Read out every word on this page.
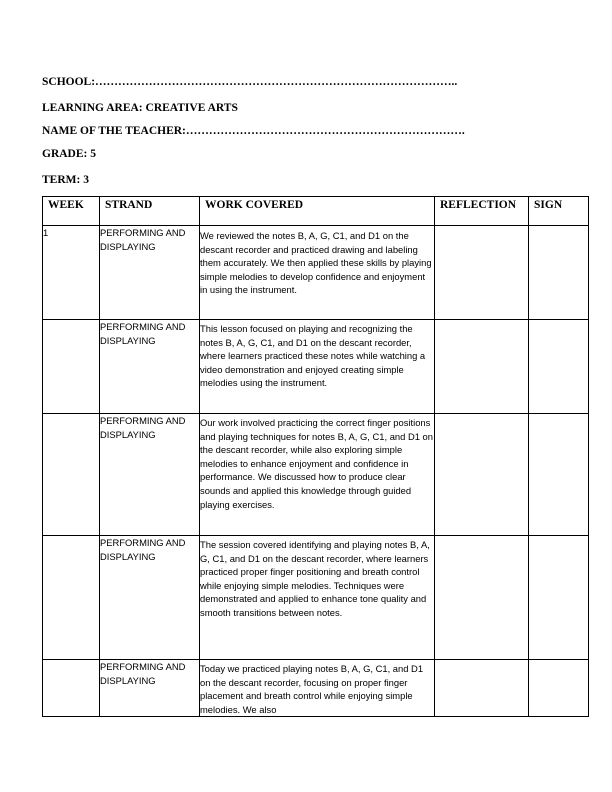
SCHOOL:…………………………………………………………………………………..
LEARNING AREA: CREATIVE ARTS
NAME OF THE TEACHER:……………………………………………………………….
GRADE: 5
TERM: 3
WEEK	STRAND	WORK COVERED	REFLECTION	SIGN
1	PERFORMING AND DISPLAYING	We reviewed the notes B, A, G, C1, and D1 on the descant recorder and practiced drawing and labeling them accurately. We then applied these skills by playing simple melodies to develop confidence and enjoyment in using the instrument.		
	PERFORMING AND DISPLAYING	This lesson focused on playing and recognizing the notes B, A, G, C1, and D1 on the descant recorder, where learners practiced these notes while watching a video demonstration and enjoyed creating simple melodies using the instrument.		
	PERFORMING AND DISPLAYING	Our work involved practicing the correct finger positions and playing techniques for notes B, A, G, C1, and D1 on the descant recorder, while also exploring simple melodies to enhance enjoyment and confidence in performance. We discussed how to produce clear sounds and applied this knowledge through guided playing exercises.		
	PERFORMING AND DISPLAYING	The session covered identifying and playing notes B, A, G, C1, and D1 on the descant recorder, where learners practiced proper finger positioning and breath control while enjoying simple melodies. Techniques were demonstrated and applied to enhance tone quality and smooth transitions between notes.		
	PERFORMING AND DISPLAYING	Today we practiced playing notes B, A, G, C1, and D1 on the descant recorder, focusing on proper finger placement and breath control while enjoying simple melodies. We also		
